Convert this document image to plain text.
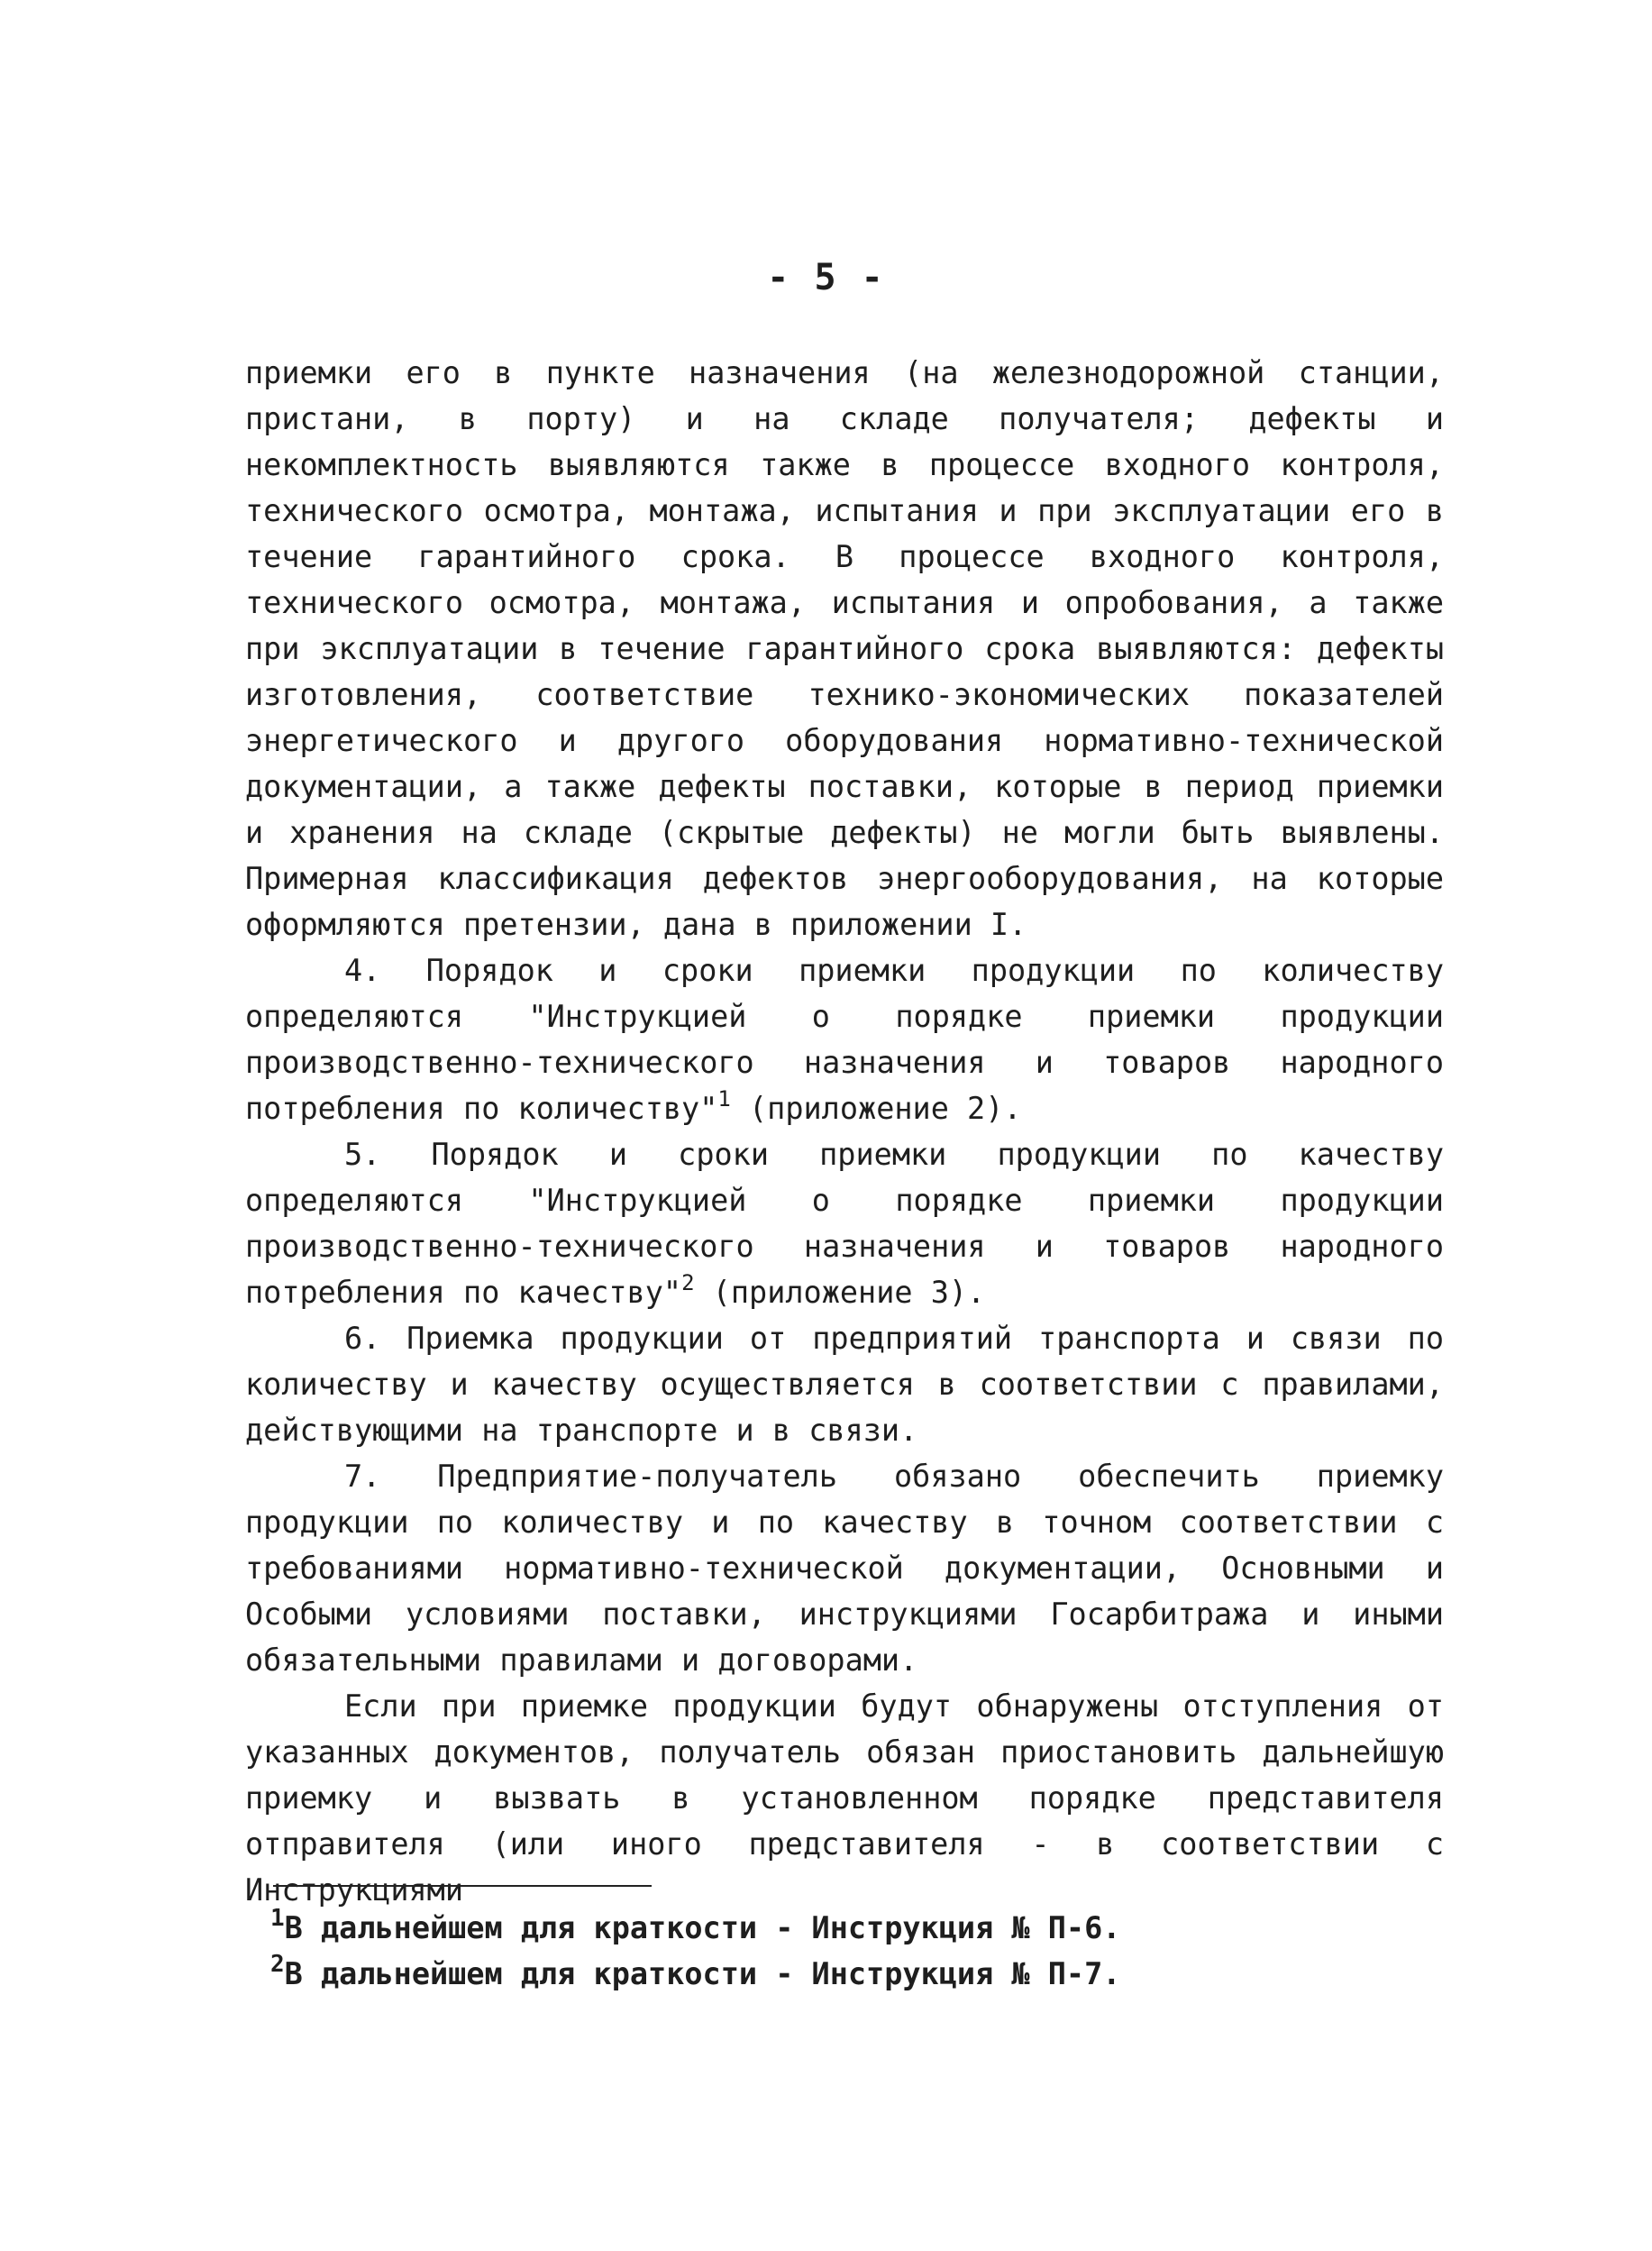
- 5 -

приемки его в пункте назначения (на железнодорожной станции, пристани, в порту) и на складе получателя; дефекты и некомплектность выявляются также в процессе входного контроля, технического осмотра, монтажа, испытания и при эксплуатации его в течение гарантийного срока. В процессе входного контроля, технического осмотра, монтажа, испытания и опробования, а также при эксплуатации в течение гарантийного срока выявляются: дефекты изготовления, соответствие технико-экономических показателей энергетического и другого оборудования нормативно-технической документации, а также дефекты поставки, которые в период приемки и хранения на складе (скрытые дефекты) не могли быть выявлены. Примерная классификация дефектов энергооборудования, на которые оформляются претензии, дана в приложении I.

4. Порядок и сроки приемки продукции по количеству определяются "Инструкцией о порядке приемки продукции производственно-технического назначения и товаров народного потребления по количеству"$^1$ (приложение 2).

5. Порядок и сроки приемки продукции по качеству определяются "Инструкцией о порядке приемки продукции производственно-технического назначения и товаров народного потребления по качеству"$^2$ (приложение 3).

6. Приемка продукции от предприятий транспорта и связи по количеству и качеству осуществляется в соответствии с правилами, действующими на транспорте и в связи.

7. Предприятие-получатель обязано обеспечить приемку продукции по количеству и по качеству в точном соответствии с требованиями нормативно-технической документации, Основными и Особыми условиями поставки, инструкциями Госарбитража и иными обязательными правилами и договорами.

Если при приемке продукции будут обнаружены отступления от указанных документов, получатель обязан приостановить дальнейшую приемку и вызвать в установленном порядке представителя отправителя (или иного представителя - в соответствии с Инструкциями

$^1$В дальнейшем для краткости - Инструкция № П-6.

$^2$В дальнейшем для краткости - Инструкция № П-7.
